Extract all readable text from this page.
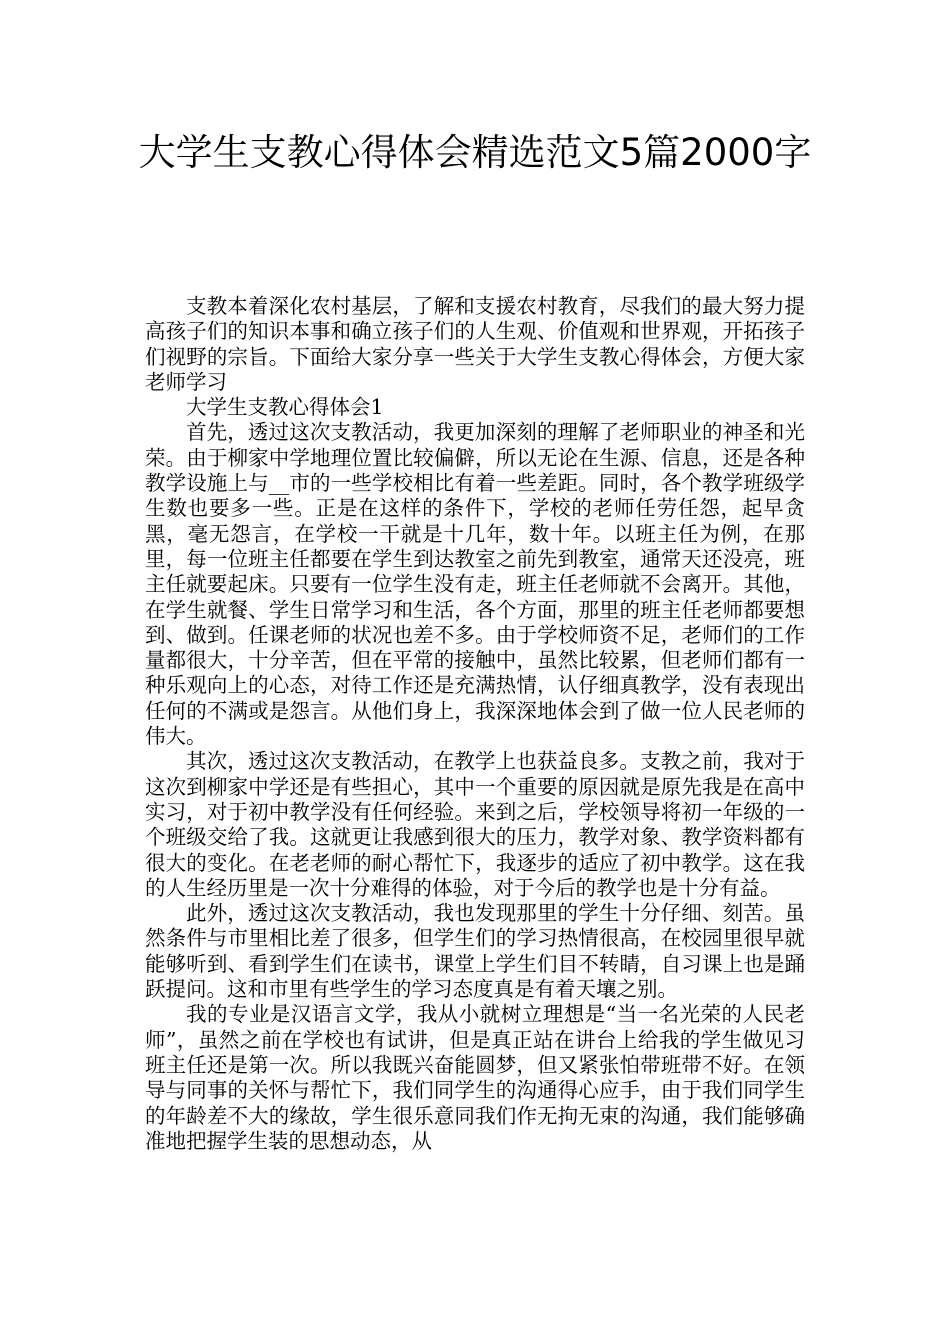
大学生支教心得体会精选范文5篇2000字

支教本着深化农村基层，了解和支援农村教育，尽我们的最大努力提高孩子们的知识本事和确立孩子们的人生观、价值观和世界观，开拓孩子们视野的宗旨。下面给大家分享一些关于大学生支教心得体会，方便大家老师学习

大学生支教心得体会1

首先，透过这次支教活动，我更加深刻的理解了老师职业的神圣和光荣。由于柳家中学地理位置比较偏僻，所以无论在生源、信息，还是各种教学设施上与__市的一些学校相比有着一些差距。同时，各个教学班级学生数也要多一些。正是在这样的条件下，学校的老师任劳任怨，起早贪黑，毫无怨言，在学校一干就是十几年，数十年。以班主任为例，在那里，每一位班主任都要在学生到达教室之前先到教室，通常天还没亮，班主任就要起床。只要有一位学生没有走，班主任老师就不会离开。其他，在学生就餐、学生日常学习和生活，各个方面，那里的班主任老师都要想到、做到。任课老师的状况也差不多。由于学校师资不足，老师们的工作量都很大，十分辛苦，但在平常的接触中，虽然比较累，但老师们都有一种乐观向上的心态，对待工作还是充满热情，认仔细真教学，没有表现出任何的不满或是怨言。从他们身上，我深深地体会到了做一位人民老师的伟大。

其次，透过这次支教活动，在教学上也获益良多。支教之前，我对于这次到柳家中学还是有些担心，其中一个重要的原因就是原先我是在高中实习，对于初中教学没有任何经验。来到之后，学校领导将初一年级的一个班级交给了我。这就更让我感到很大的压力，教学对象、教学资料都有很大的变化。在老老师的耐心帮忙下，我逐步的适应了初中教学。这在我的人生经历里是一次十分难得的体验，对于今后的教学也是十分有益。

此外，透过这次支教活动，我也发现那里的学生十分仔细、刻苦。虽然条件与市里相比差了很多，但学生们的学习热情很高，在校园里很早就能够听到、看到学生们在读书，课堂上学生们目不转睛，自习课上也是踊跃提问。这和市里有些学生的学习态度真是有着天壤之别。

我的专业是汉语言文学，我从小就树立理想是“当一名光荣的人民老师”，虽然之前在学校也有试讲，但是真正站在讲台上给我的学生做见习班主任还是第一次。所以我既兴奋能圆梦，但又紧张怕带班带不好。在领导与同事的关怀与帮忙下，我们同学生的沟通得心应手，由于我们同学生的年龄差不大的缘故，学生很乐意同我们作无拘无束的沟通，我们能够确准地把握学生装的思想动态，从
